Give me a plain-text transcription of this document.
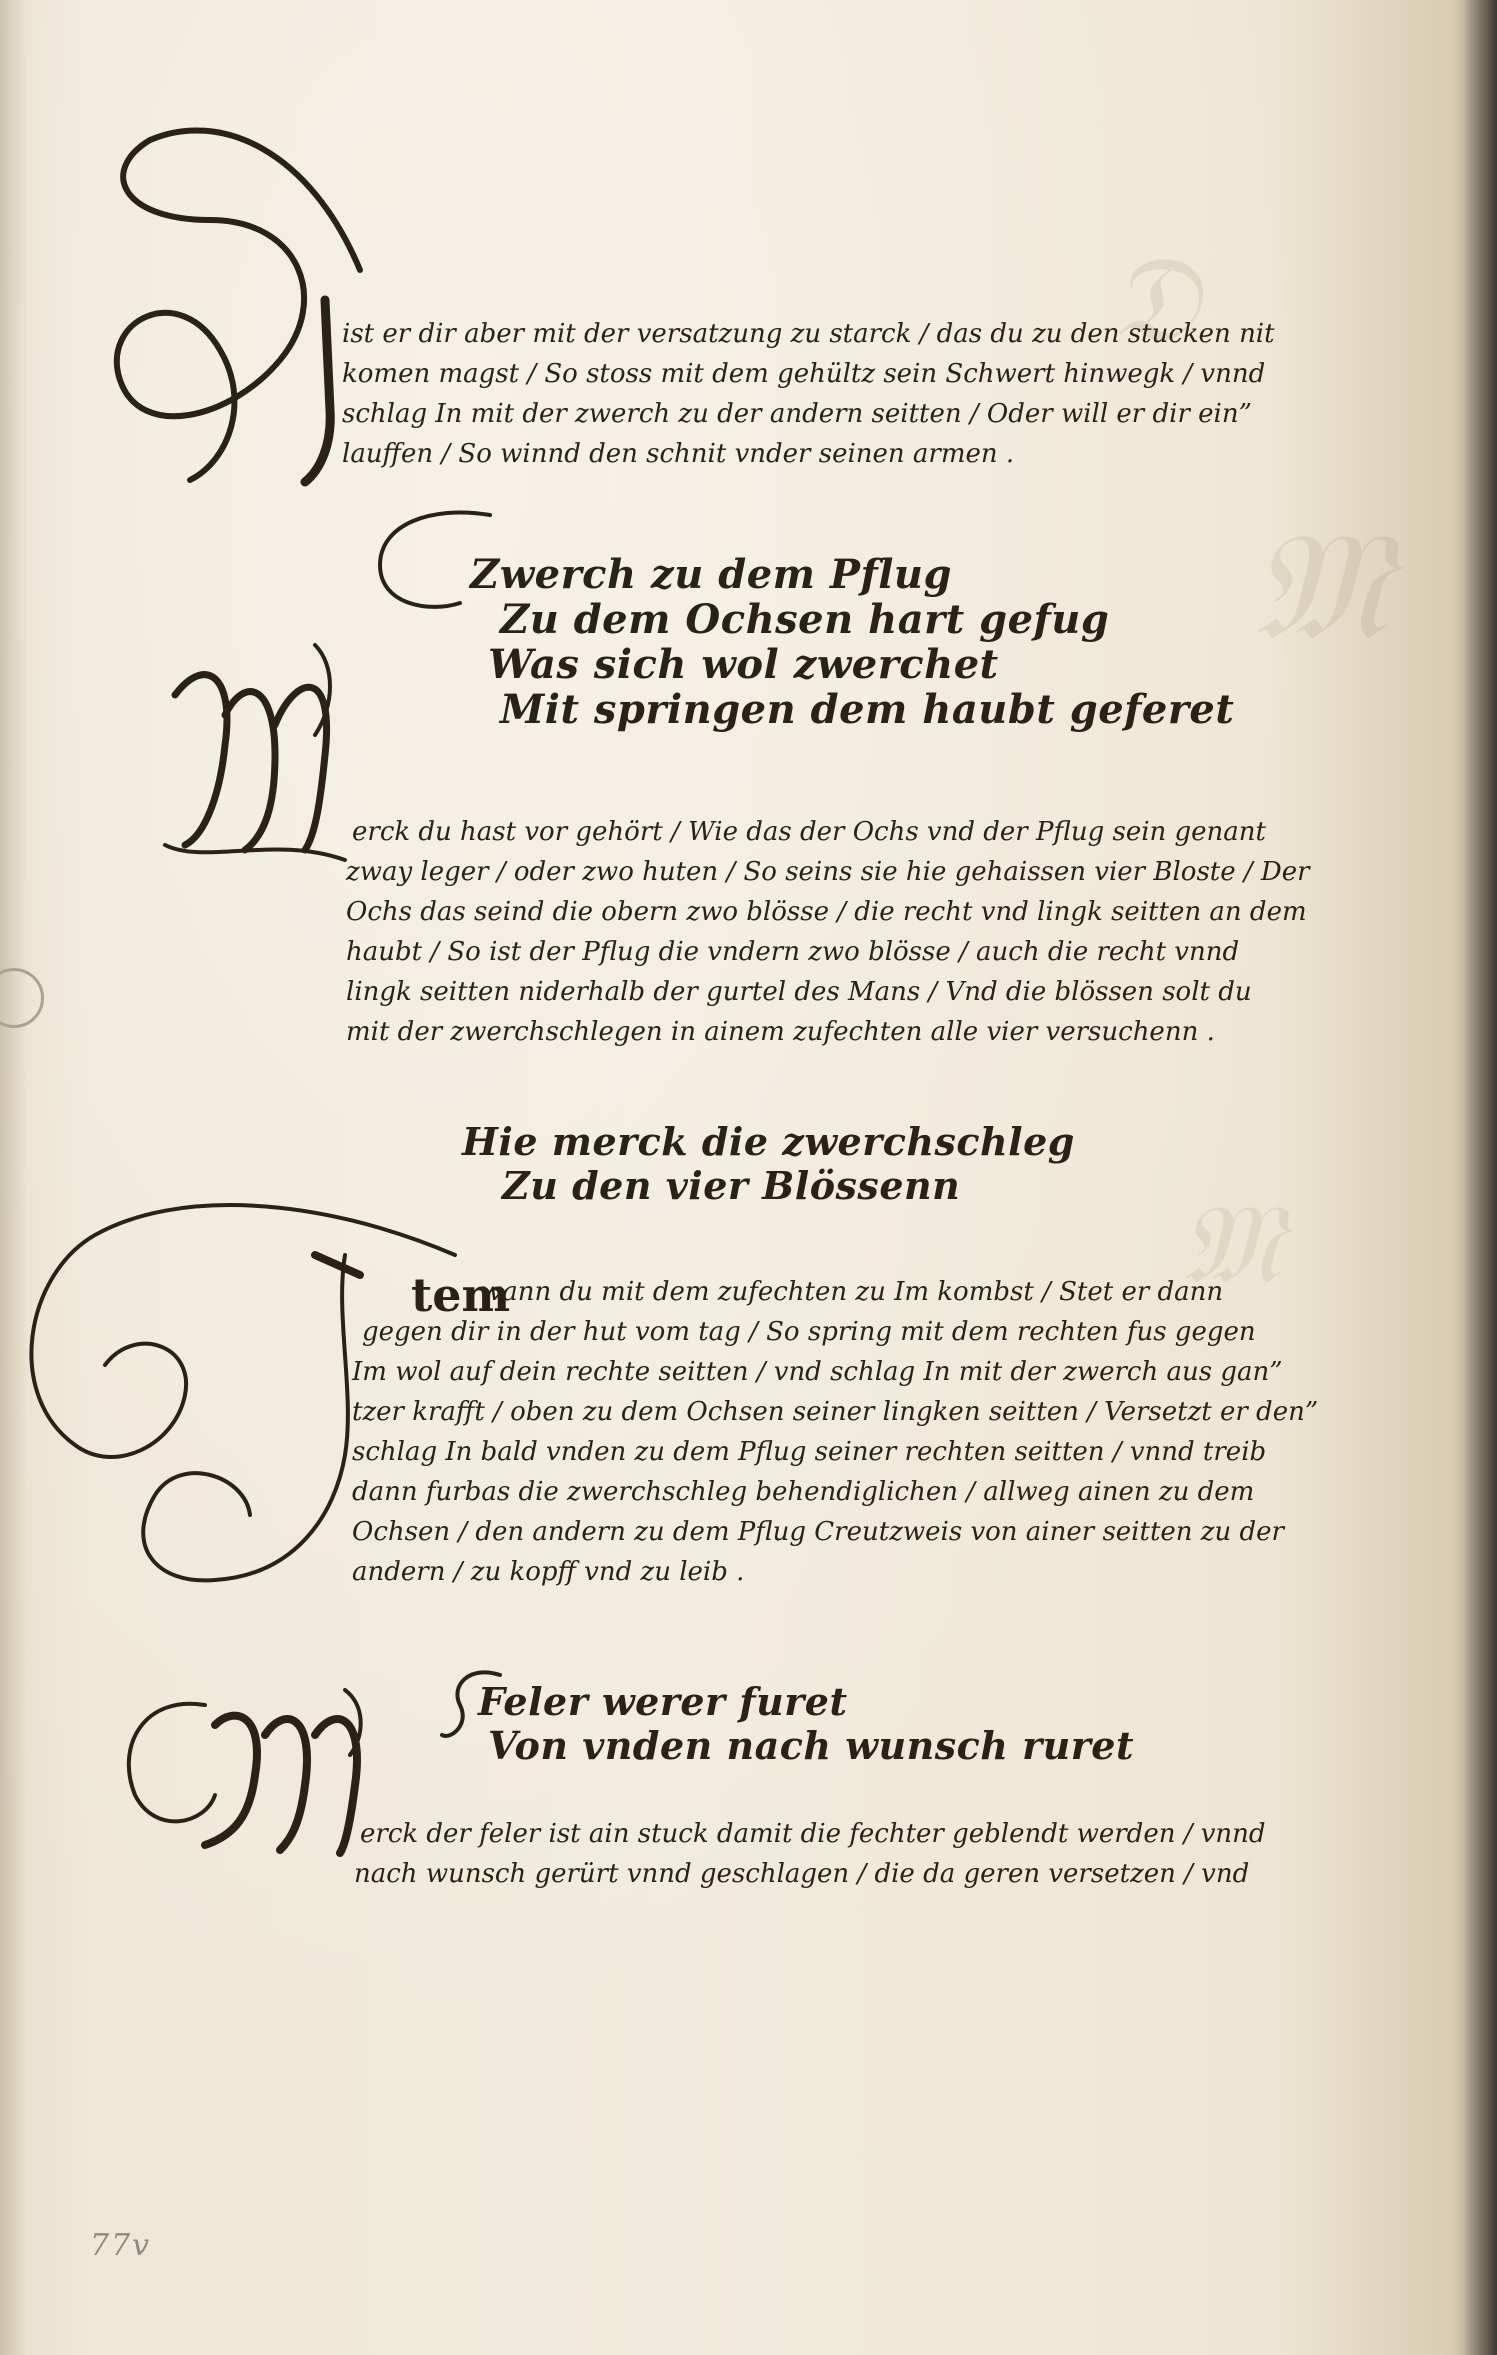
𝔇
𝔐
𝔐
ist er dir aber mit der versatzung zu starck / das du zu den stucken nit
komen magst / So stoss mit dem gehültz sein Schwert hinwegk / vnnd
schlag In mit der zwerch zu der andern seitten / Oder will er dir ein”
lauffen / So winnd den schnit vnder seinen armen .
Zwerch zu dem Pflug
Zu dem Ochsen hart gefug
Was sich wol zwerchet
Mit springen dem haubt geferet
erck du hast vor gehört / Wie das der Ochs vnd der Pflug sein genant
zway leger / oder zwo huten / So seins sie hie gehaissen vier Bloste / Der
Ochs das seind die obern zwo blösse / die recht vnd lingk seitten an dem
haubt / So ist der Pflug die vndern zwo blösse / auch die recht vnnd
lingk seitten niderhalb der gurtel des Mans / Vnd die blössen solt du
mit der zwerchschlegen in ainem zufechten alle vier versuchenn .
Hie merck die zwerchschleg
Zu den vier Blössenn
tem
wann du mit dem zufechten zu Im kombst / Stet er dann
gegen dir in der hut vom tag / So spring mit dem rechten fus gegen
Im wol auf dein rechte seitten / vnd schlag In mit der zwerch aus gan”
tzer krafft / oben zu dem Ochsen seiner lingken seitten / Versetzt er den”
schlag In bald vnden zu dem Pflug seiner rechten seitten / vnnd treib
dann furbas die zwerchschleg behendiglichen / allweg ainen zu dem
Ochsen / den andern zu dem Pflug Creutzweis von ainer seitten zu der
andern / zu kopff vnd zu leib .
Feler werer furet
Von vnden nach wunsch ruret
erck der feler ist ain stuck damit die fechter geblendt werden / vnnd
nach wunsch gerürt vnnd geschlagen / die da geren versetzen / vnd
77v
